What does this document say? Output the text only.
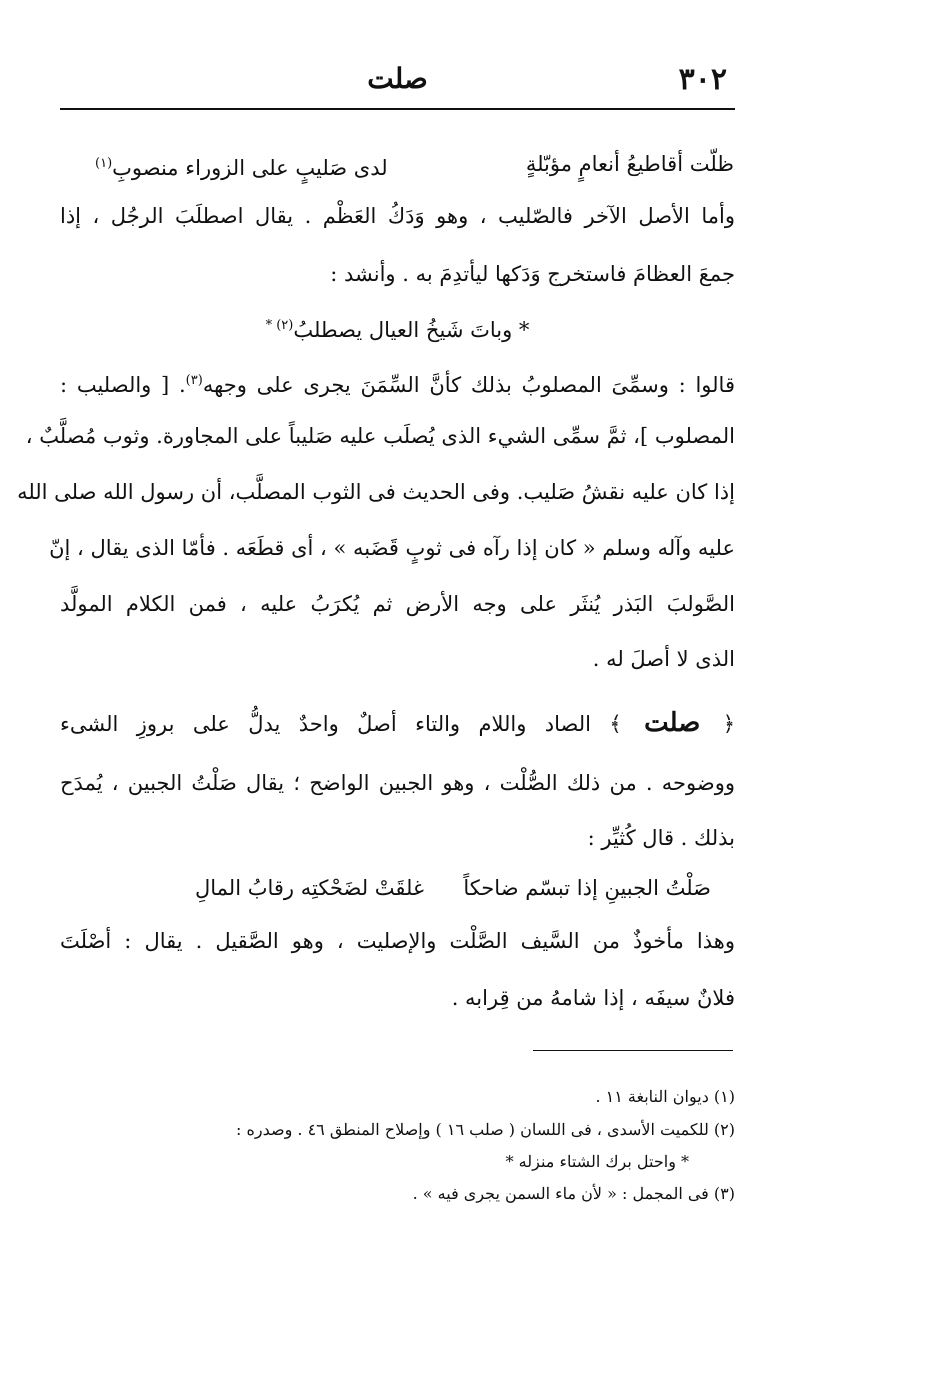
٣٠٢
صلت
ظلّت أقاطيعُ أنعامٍ مؤبّلةٍ
لدى صَليبٍ على الزوراء منصوبِ$^{(١)}$
وأما الأصل الآخر فالصّليب ، وهو وَدَكُ العَظْم . يقال اصطلَبَ الرجُل ، إذا
جمعَ العظامَ فاستخرج وَدَكها ليأتدِمَ به . وأنشد :
* وباتَ شَيخُ العيال يصطلبُ$^{(٢) *}$
قالوا : وسمِّىَ المصلوبُ بذلك كأنَّ السِّمَنَ يجرى على وجهه$^{(٣)}$. [ والصليب :
المصلوب ]، ثمَّ سمِّى الشيء الذى يُصلَب عليه صَليباً على المجاورة. وثوب مُصلَّبٌ ،
إذا كان عليه نقشُ صَليب. وفى الحديث فى الثوب المصلَّب، أن رسول الله صلى الله
عليه وآله وسلم « كان إذا رآه فى ثوبٍ قَضَبه » ، أى قطَعَه . فأمّا الذى يقال ، إنّ
الصَّولبَ البَذر يُنثَر على وجه الأرض ثم يُكرَبُ عليه ، فمن الكلام المولَّد
الذى لا أصلَ له .
﴿ صلت ﴾ الصاد واللام والتاء أصلٌ واحدٌ يدلُّ على بروزِ الشىء
ووضوحه . من ذلك الصُّلْت ، وهو الجبين الواضح ؛ يقال صَلْتُ الجبين ، يُمدَح
بذلك . قال كُثيِّر :
صَلْتُ الجبينِ إذا تبسّم ضاحكاً
غلقَتْ لضَحْكتِه رقابُ المالِ
وهذا مأخوذٌ من السَّيف الصَّلْت والإصليت ، وهو الصَّقيل . يقال : أصْلَتَ
فلانٌ سيفَه ، إذا شامهُ من قِرابه .
(١) ديوان النابغة ١١ .
(٢) للكميت الأسدى ، فى اللسان ( صلب ١٦ ) وإصلاح المنطق ٤٦ . وصدره :
* واحتل برك الشتاء منزله *
(٣) فى المجمل : « لأن ماء السمن يجرى فيه » .
